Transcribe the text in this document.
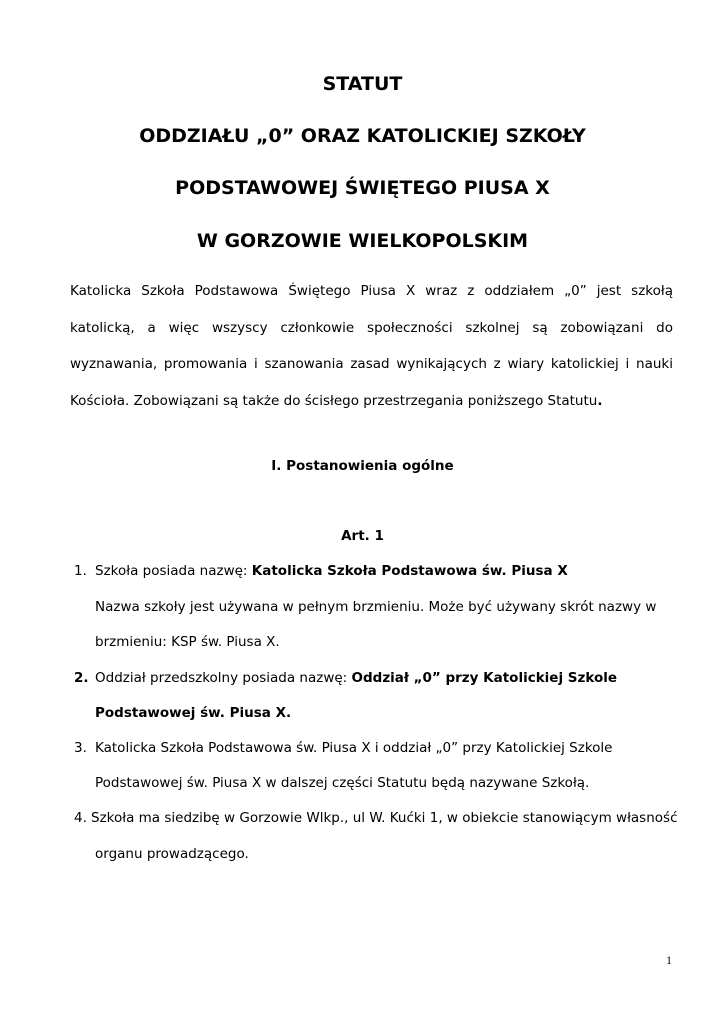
STATUT
ODDZIAŁU „0” ORAZ KATOLICKIEJ SZKOŁY
PODSTAWOWEJ ŚWIĘTEGO PIUSA X
W GORZOWIE WIELKOPOLSKIM
Katolicka Szkoła Podstawowa Świętego Piusa X wraz z oddziałem „0” jest szkołą katolicką, a więc wszyscy członkowie społeczności szkolnej są zobowiązani do wyznawania, promowania i szanowania zasad wynikających z wiary katolickiej i nauki Kościoła. Zobowiązani są także do ścisłego przestrzegania poniższego Statutu.
I. Postanowienia ogólne
Art. 1
1. Szkoła posiada nazwę: Katolicka Szkoła Podstawowa św. Piusa X
Nazwa szkoły jest używana w pełnym brzmieniu. Może być używany skrót nazwy w
brzmieniu: KSP św. Piusa X.
2. Oddział przedszkolny posiada nazwę: Oddział „0” przy Katolickiej Szkole
Podstawowej św. Piusa X.
3. Katolicka Szkoła Podstawowa św. Piusa X i oddział „0” przy Katolickiej Szkole
Podstawowej św. Piusa X w dalszej części Statutu będą nazywane Szkołą.
4. Szkoła ma siedzibę w Gorzowie Wlkp., ul W. Kućki 1, w obiekcie stanowiącym własność
organu prowadzącego.
1
